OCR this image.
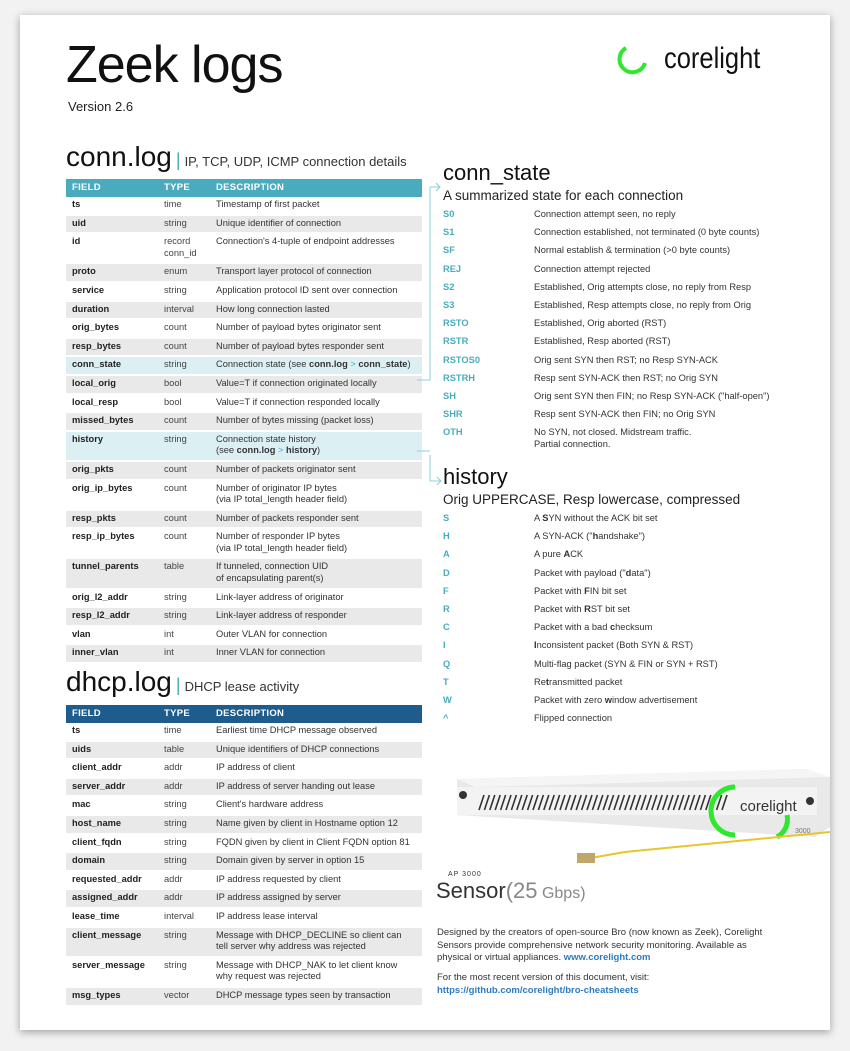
Zeek logs
Version 2.6
corelight
conn.log | IP, TCP, UDP, ICMP connection details
FIELD	TYPE	DESCRIPTION
ts	time	Timestamp of first packet
uid	string	Unique identifier of connection
id	record conn_id	Connection's 4-tuple of endpoint addresses
proto	enum	Transport layer protocol of connection
service	string	Application protocol ID sent over connection
duration	interval	How long connection lasted
orig_bytes	count	Number of payload bytes originator sent
resp_bytes	count	Number of payload bytes responder sent
conn_state	string	Connection state (see conn.log > conn_state)
local_orig	bool	Value=T if connection originated locally
local_resp	bool	Value=T if connection responded locally
missed_bytes	count	Number of bytes missing (packet loss)
history	string	Connection state history
(see conn.log > history)
orig_pkts	count	Number of packets originator sent
orig_ip_bytes	count	Number of originator IP bytes
(via IP total_length header field)
resp_pkts	count	Number of packets responder sent
resp_ip_bytes	count	Number of responder IP bytes
(via IP total_length header field)
tunnel_parents	table	If tunneled, connection UID
of encapsulating parent(s)
orig_l2_addr	string	Link-layer address of originator
resp_l2_addr	string	Link-layer address of responder
vlan	int	Outer VLAN for connection
inner_vlan	int	Inner VLAN for connection
dhcp.log | DHCP lease activity
FIELD	TYPE	DESCRIPTION
ts	time	Earliest time DHCP message observed
uids	table	Unique identifiers of DHCP connections
client_addr	addr	IP address of client
server_addr	addr	IP address of server handing out lease
mac	string	Client's hardware address
host_name	string	Name given by client in Hostname option 12
client_fqdn	string	FQDN given by client in Client FQDN option 81
domain	string	Domain given by server in option 15
requested_addr	addr	IP address requested by client
assigned_addr	addr	IP address assigned by server
lease_time	interval	IP address lease interval
client_message	string	Message with DHCP_DECLINE so client can
tell server why address was rejected
server_message	string	Message with DHCP_NAK to let client know
why request was rejected
msg_types	vector	DHCP message types seen by transaction
conn_state
A summarized state for each connection
S0	Connection attempt seen, no reply
S1	Connection established, not terminated (0 byte counts)
SF	Normal establish & termination (>0 byte counts)
REJ	Connection attempt rejected
S2	Established, Orig attempts close, no reply from Resp
S3	Established, Resp attempts close, no reply from Orig
RSTO	Established, Orig aborted (RST)
RSTR	Established, Resp aborted (RST)
RSTOS0	Orig sent SYN then RST; no Resp SYN-ACK
RSTRH	Resp sent SYN-ACK then RST; no Orig SYN
SH	Orig sent SYN then FIN; no Resp SYN-ACK ("half-open")
SHR	Resp sent SYN-ACK then FIN; no Orig SYN
OTH	No SYN, not closed. Midstream traffic.
Partial connection.
history
Orig UPPERCASE, Resp lowercase, compressed
S	A SYN without the ACK bit set
H	A SYN-ACK ("handshake")
A	A pure ACK
D	Packet with payload ("data")
F	Packet with FIN bit set
R	Packet with RST bit set
C	Packet with a bad checksum
I	Inconsistent packet (Both SYN & RST)
Q	Multi-flag packet (SYN & FIN or SYN + RST)
T	Retransmitted packet
W	Packet with zero window advertisement
^	Flipped connection
corelight
3000
AP 3000
Sensor(25 Gbps)
Designed by the creators of open-source Bro (now known as Zeek), Corelight Sensors provide comprehensive network security monitoring. Available as physical or virtual appliances. www.corelight.com
For the most recent version of this document, visit:
https://github.com/corelight/bro-cheatsheets
